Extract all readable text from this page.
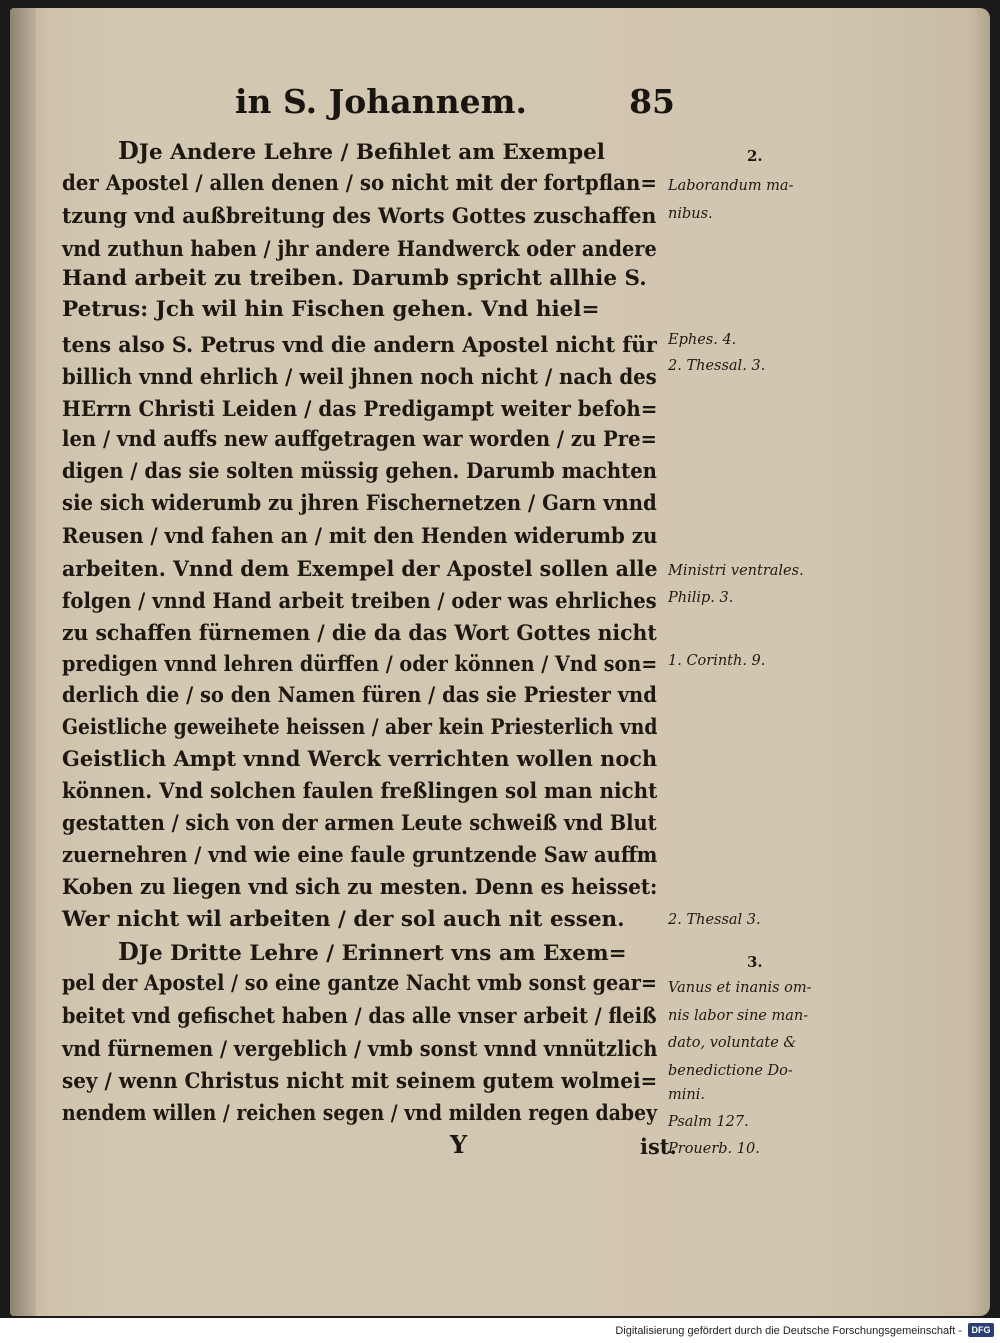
in S. Johannem.	85
DJe Andere Lehre / Befihlet am Exempel
der Apostel / allen denen / so nicht mit der fortpflan=
tzung vnd außbreitung des Worts Gottes zuschaffen
vnd zuthun haben / jhr andere Handwerck oder andere
Hand arbeit zu treiben. Darumb spricht allhie S.
Petrus: Jch wil hin Fischen gehen. Vnd hiel=
tens also S. Petrus vnd die andern Apostel nicht für
billich vnnd ehrlich / weil jhnen noch nicht / nach des
HErrn Christi Leiden / das Predigampt weiter befoh=
len / vnd auffs new auffgetragen war worden / zu Pre=
digen / das sie solten müssig gehen. Darumb machten
sie sich widerumb zu jhren Fischernetzen / Garn vnnd
Reusen / vnd fahen an / mit den Henden widerumb zu
arbeiten. Vnnd dem Exempel der Apostel sollen alle
folgen / vnnd Hand arbeit treiben / oder was ehrliches
zu schaffen fürnemen / die da das Wort Gottes nicht
predigen vnnd lehren dürffen / oder können / Vnd son=
derlich die / so den Namen füren / das sie Priester vnd
Geistliche geweihete heissen / aber kein Priesterlich vnd
Geistlich Ampt vnnd Werck verrichten wollen noch
können. Vnd solchen faulen freßlingen sol man nicht
gestatten / sich von der armen Leute schweiß vnd Blut
zuernehren / vnd wie eine faule gruntzende Saw auffm
Koben zu liegen vnd sich zu mesten. Denn es heisset:
Wer nicht wil arbeiten / der sol auch nit essen.
DJe Dritte Lehre / Erinnert vns am Exem=
pel der Apostel / so eine gantze Nacht vmb sonst gear=
beitet vnd gefischet haben / das alle vnser arbeit / fleiß
vnd fürnemen / vergeblich / vmb sonst vnnd vnnützlich
sey / wenn Christus nicht mit seinem gutem wolmei=
nendem willen / reichen segen / vnd milden regen dabey
2.
Laborandum ma-
nibus.
Ephes. 4.
2. Thessal. 3.
Ministri ventrales.
Philip. 3.
1. Corinth. 9.
2. Thessal 3.
3.
Vanus et inanis om-
nis labor sine man-
dato, voluntate &
benedictione Do-
mini.
Psalm 127.
Prouerb. 10.
Y	ist.
Digitalisierung gefördert durch die Deutsche Forschungsgemeinschaft -	DFG
